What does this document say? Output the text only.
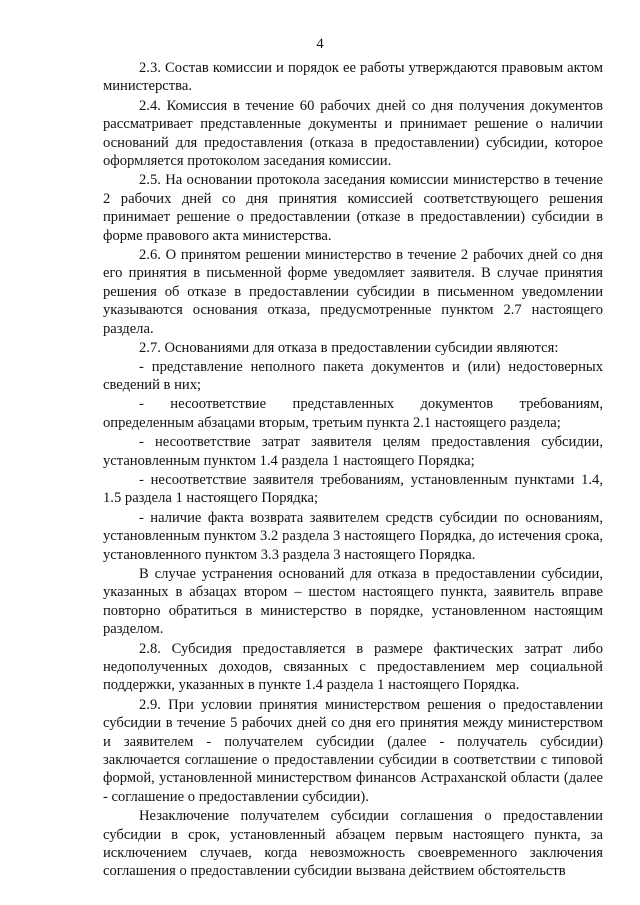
4

2.3. Состав комиссии и порядок ее работы утверждаются правовым актом министерства.

2.4. Комиссия в течение 60 рабочих дней со дня получения документов рассматривает представленные документы и принимает решение о наличии оснований для предоставления (отказа в предоставлении) субсидии, которое оформляется протоколом заседания комиссии.

2.5. На основании протокола заседания комиссии министерство в течение 2 рабочих дней со дня принятия комиссией соответствующего решения принимает решение о предоставлении (отказе в предоставлении) субсидии в форме правового акта министерства.

2.6. О принятом решении министерство в течение 2 рабочих дней со дня его принятия в письменной форме уведомляет заявителя. В случае принятия решения об отказе в предоставлении субсидии в письменном уведомлении указываются основания отказа, предусмотренные пунктом 2.7 настоящего раздела.

2.7. Основаниями для отказа в предоставлении субсидии являются:

- представление неполного пакета документов и (или) недостоверных сведений в них;

- несоответствие представленных документов требованиям, определенным абзацами вторым, третьим пункта 2.1 настоящего раздела;

- несоответствие затрат заявителя целям предоставления субсидии, установленным пунктом 1.4 раздела 1 настоящего Порядка;

- несоответствие заявителя требованиям, установленным пунктами 1.4, 1.5 раздела 1 настоящего Порядка;

- наличие факта возврата заявителем средств субсидии по основаниям, установленным пунктом 3.2 раздела 3 настоящего Порядка, до истечения срока, установленного пунктом 3.3 раздела 3 настоящего Порядка.

В случае устранения оснований для отказа в предоставлении субсидии, указанных в абзацах втором – шестом настоящего пункта, заявитель вправе повторно обратиться в министерство в порядке, установленном настоящим разделом.

2.8. Субсидия предоставляется в размере фактических затрат либо недополученных доходов, связанных с предоставлением мер социальной поддержки, указанных в пункте 1.4 раздела 1 настоящего Порядка.

2.9. При условии принятия министерством решения о предоставлении субсидии в течение 5 рабочих дней со дня его принятия между министерством и заявителем - получателем субсидии (далее - получатель субсидии) заключается соглашение о предоставлении субсидии в соответствии с типовой формой, установленной министерством финансов Астраханской области (далее - соглашение о предоставлении субсидии).

Незаключение получателем субсидии соглашения о предоставлении субсидии в срок, установленный абзацем первым настоящего пункта, за исключением случаев, когда невозможность своевременного заключения соглашения о предоставлении субсидии вызвана действием обстоятельств
